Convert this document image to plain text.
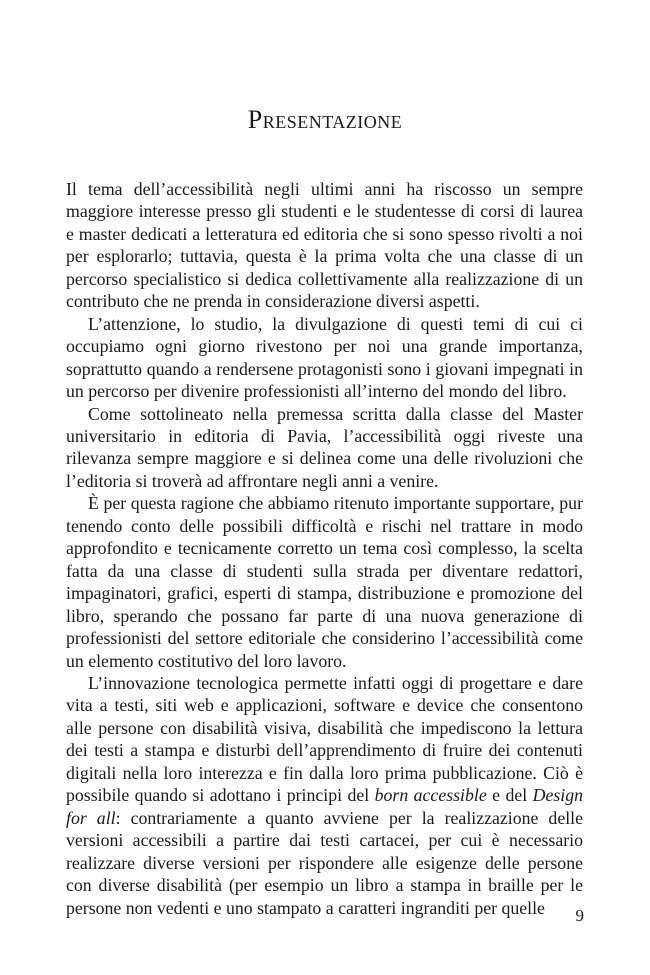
Presentazione

Il tema dell’accessibilità negli ultimi anni ha riscosso un sempre maggiore interesse presso gli studenti e le studentesse di corsi di laurea e master dedicati a letteratura ed editoria che si sono spesso rivolti a noi per esplorarlo; tuttavia, questa è la prima volta che una classe di un percorso specialistico si dedica collettivamente alla realizzazione di un contributo che ne prenda in considerazione diversi aspetti.

L’attenzione, lo studio, la divulgazione di questi temi di cui ci occupiamo ogni giorno rivestono per noi una grande importanza, soprattutto quando a rendersene protagonisti sono i giovani impegnati in un percorso per divenire professionisti all’interno del mondo del libro.

Come sottolineato nella premessa scritta dalla classe del Master universitario in editoria di Pavia, l’accessibilità oggi riveste una rilevanza sempre maggiore e si delinea come una delle rivoluzioni che l’editoria si troverà ad affrontare negli anni a venire.

È per questa ragione che abbiamo ritenuto importante supportare, pur tenendo conto delle possibili difficoltà e rischi nel trattare in modo approfondito e tecnicamente corretto un tema così complesso, la scelta fatta da una classe di studenti sulla strada per diventare redattori, impaginatori, grafici, esperti di stampa, distribuzione e promozione del libro, sperando che possano far parte di una nuova generazione di professionisti del settore editoriale che considerino l’accessibilità come un elemento costitutivo del loro lavoro.

L’innovazione tecnologica permette infatti oggi di progettare e dare vita a testi, siti web e applicazioni, software e device che consentono alle persone con disabilità visiva, disabilità che impediscono la lettura dei testi a stampa e disturbi dell’apprendimento di fruire dei contenuti digitali nella loro interezza e fin dalla loro prima pubblicazione. Ciò è possibile quando si adottano i principi del born accessible e del Design for all: contrariamente a quanto avviene per la realizzazione delle versioni accessibili a partire dai testi cartacei, per cui è necessario realizzare diverse versioni per rispondere alle esigenze delle persone con diverse disabilità (per esempio un libro a stampa in braille per le persone non vedenti e uno stampato a caratteri ingranditi per quelle	9
